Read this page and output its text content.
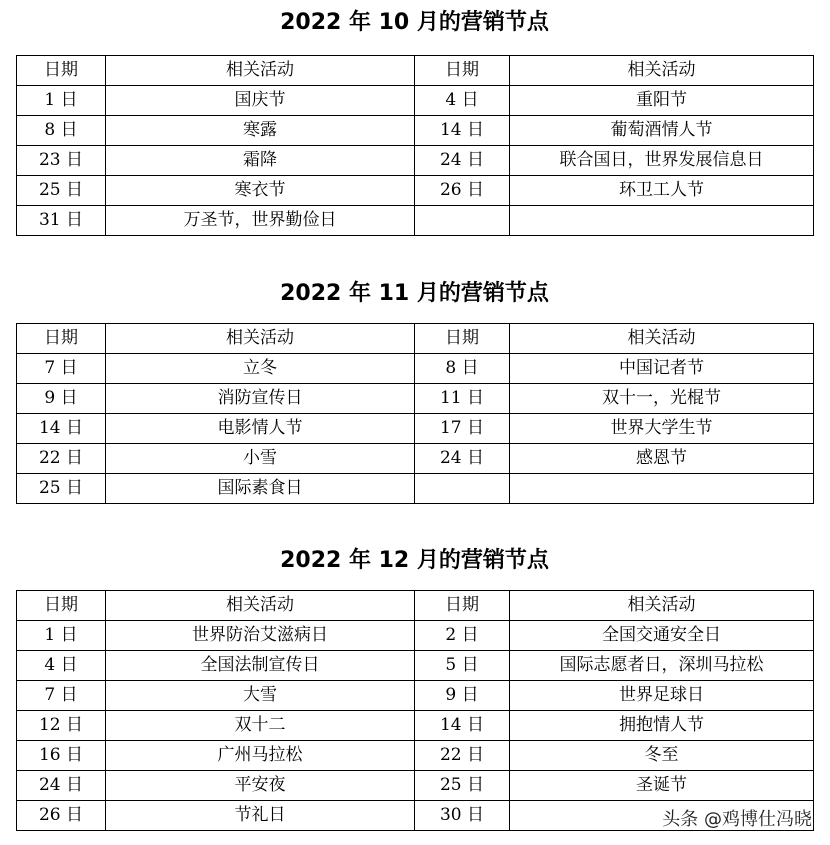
2022 年 10 月的营销节点
日期	相关活动	日期	相关活动
1 日	国庆节	4 日	重阳节
8 日	寒露	14 日	葡萄酒情人节
23 日	霜降	24 日	联合国日，世界发展信息日
25 日	寒衣节	26 日	环卫工人节
31 日	万圣节，世界勤俭日		
2022 年 11 月的营销节点
日期	相关活动	日期	相关活动
7 日	立冬	8 日	中国记者节
9 日	消防宣传日	11 日	双十一，光棍节
14 日	电影情人节	17 日	世界大学生节
22 日	小雪	24 日	感恩节
25 日	国际素食日		
2022 年 12 月的营销节点
日期	相关活动	日期	相关活动
1 日	世界防治艾滋病日	2 日	全国交通安全日
4 日	全国法制宣传日	5 日	国际志愿者日，深圳马拉松
7 日	大雪	9 日	世界足球日
12 日	双十二	14 日	拥抱情人节
16 日	广州马拉松	22 日	冬至
24 日	平安夜	25 日	圣诞节
26 日	节礼日	30 日		头条 @鸡博仕冯晓
